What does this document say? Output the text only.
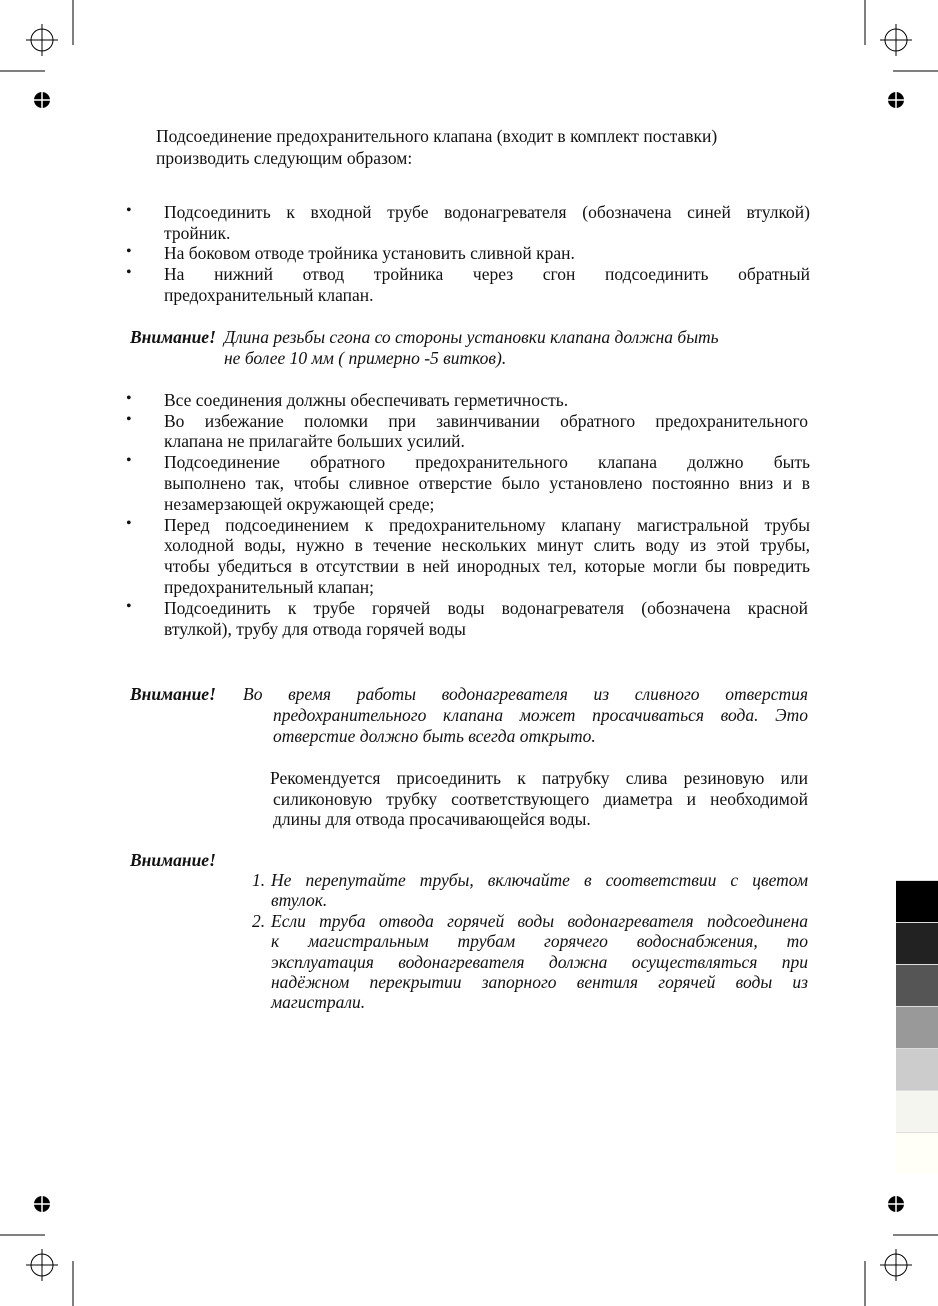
Подсоединение предохранительного клапана (входит в комплект поставки)
производить следующим образом:
• Подсоединить к входной трубе водонагревателя (обозначена синей втулкой)
тройник.
• На боковом отводе тройника установить сливной кран.
• На нижний отвод тройника через сгон подсоединить обратный
предохранительный клапан.
Внимание! Длина резьбы сгона со стороны установки клапана должна быть
не более 10 мм ( примерно -5 витков).
• Все соединения должны обеспечивать герметичность.
• Во избежание поломки при завинчивании обратного предохранительного
клапана не прилагайте больших усилий.
• Подсоединение обратного предохранительного клапана должно быть
выполнено так, чтобы сливное отверстие было установлено постоянно вниз и в
незамерзающей окружающей среде;
• Перед подсоединением к предохранительному клапану магистральной трубы
холодной воды, нужно в течение нескольких минут слить воду из этой трубы,
чтобы убедиться в отсутствии в ней инородных тел, которые могли бы повредить
предохранительный клапан;
• Подсоединить к трубе горячей воды водонагревателя (обозначена красной
втулкой), трубу для отвода горячей воды
Внимание! Во время работы водонагревателя из сливного отверстия
предохранительного клапана может просачиваться вода. Это
отверстие должно быть всегда открыто.
Рекомендуется присоединить к патрубку слива резиновую или
силиконовую трубку соответствующего диаметра и необходимой
длины для отвода просачивающейся воды.
Внимание!
1. Не перепутайте трубы, включайте в соответствии с цветом
втулок.
2. Если труба отвода горячей воды водонагревателя подсоединена
к магистральным трубам горячего водоснабжения, то
эксплуатация водонагревателя должна осуществляться при
надёжном перекрытии запорного вентиля горячей воды из
магистрали.
